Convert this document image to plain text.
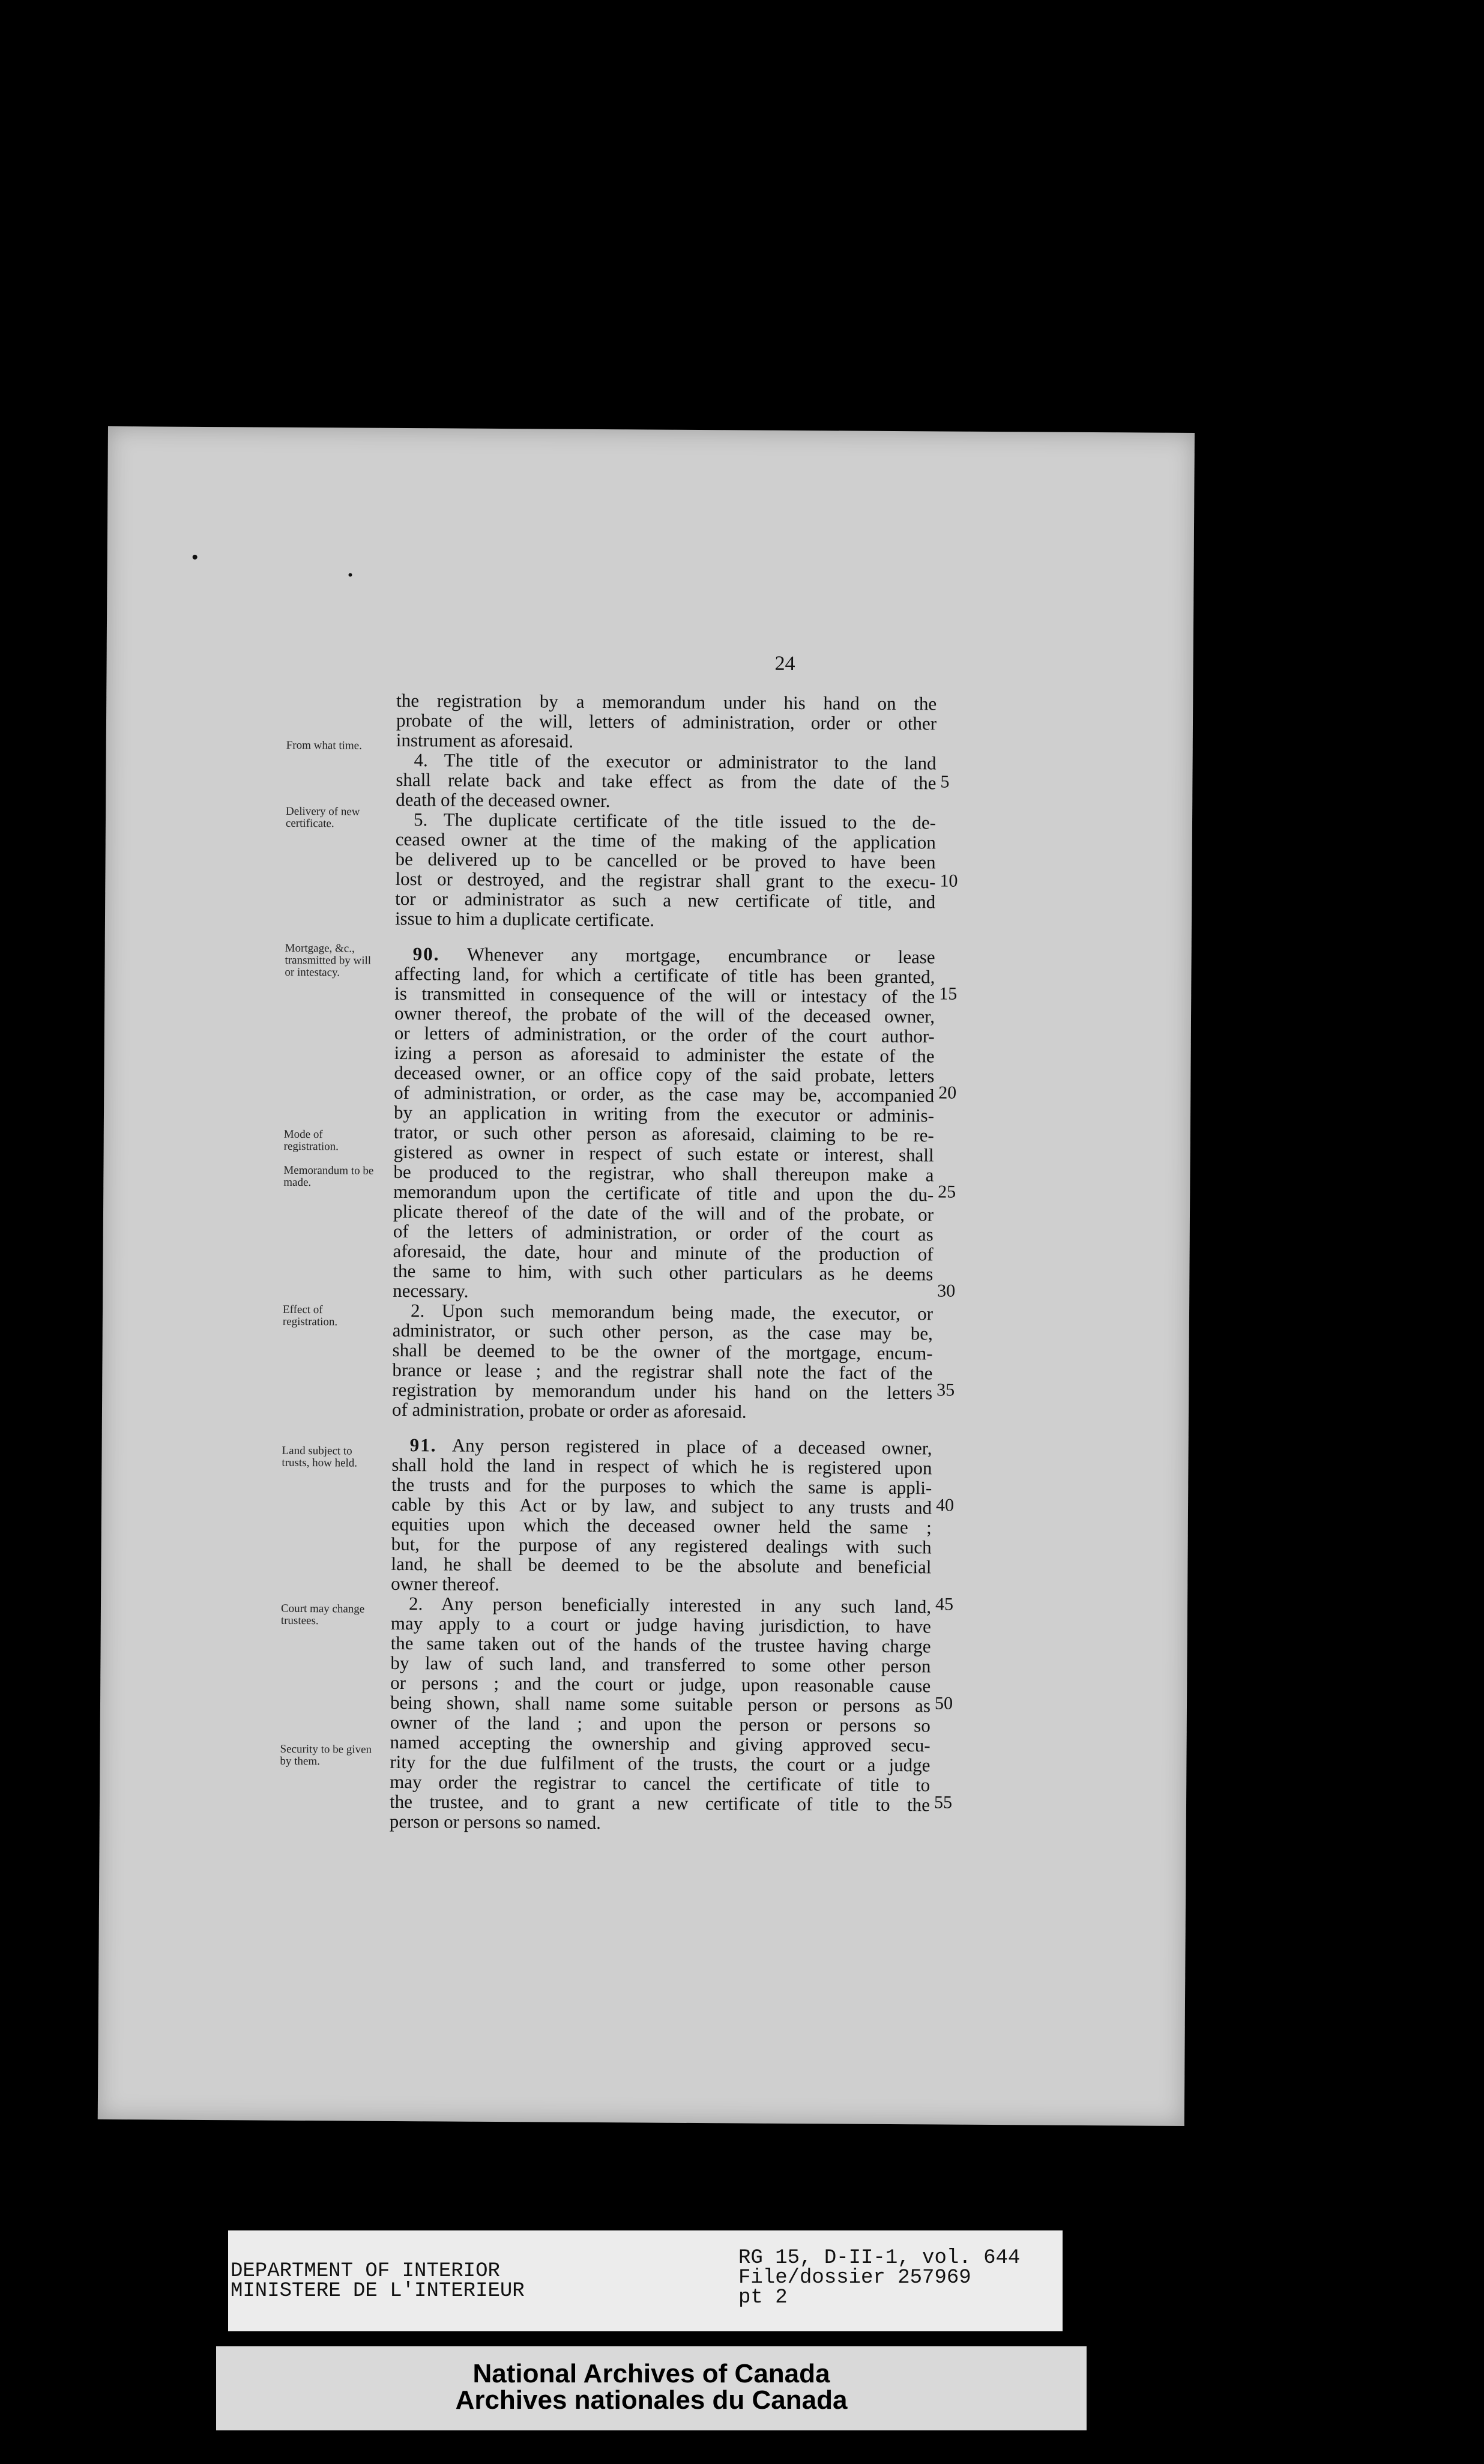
24
From what time.
Delivery of new certificate.
Mortgage, &c., transmitted by will or intestacy.
Mode of registration.
Memorandum to be made.
Effect of registration.
Land subject to trusts, how held.
Court may change trustees.
Security to be given by them.
the registration by a memorandum under his hand on the
probate of the will, letters of administration, order or other
instrument as aforesaid.
4. The title of the executor or administrator to the land
shall relate back and take effect as from the date of the
death of the deceased owner.
5. The duplicate certificate of the title issued to the de-
ceased owner at the time of the making of the application
be delivered up to be cancelled or be proved to have been
lost or destroyed, and the registrar shall grant to the execu-
tor or administrator as such a new certificate of title, and
issue to him a duplicate certificate.
90. Whenever any mortgage, encumbrance or lease
affecting land, for which a certificate of title has been granted,
is transmitted in consequence of the will or intestacy of the
owner thereof, the probate of the will of the deceased owner,
or letters of administration, or the order of the court author-
izing a person as aforesaid to administer the estate of the
deceased owner, or an office copy of the said probate, letters
of administration, or order, as the case may be, accompanied
by an application in writing from the executor or adminis-
trator, or such other person as aforesaid, claiming to be re-
gistered as owner in respect of such estate or interest, shall
be produced to the registrar, who shall thereupon make a
memorandum upon the certificate of title and upon the du-
plicate thereof of the date of the will and of the probate, or
of the letters of administration, or order of the court as
aforesaid, the date, hour and minute of the production of
the same to him, with such other particulars as he deems
necessary.
2. Upon such memorandum being made, the executor, or
administrator, or such other person, as the case may be,
shall be deemed to be the owner of the mortgage, encum-
brance or lease ; and the registrar shall note the fact of the
registration by memorandum under his hand on the letters
of administration, probate or order as aforesaid.
91. Any person registered in place of a deceased owner,
shall hold the land in respect of which he is registered upon
the trusts and for the purposes to which the same is appli-
cable by this Act or by law, and subject to any trusts and
equities upon which the deceased owner held the same ;
but, for the purpose of any registered dealings with such
land, he shall be deemed to be the absolute and beneficial
owner thereof.
2. Any person beneficially interested in any such land,
may apply to a court or judge having jurisdiction, to have
the same taken out of the hands of the trustee having charge
by law of such land, and transferred to some other person
or persons ; and the court or judge, upon reasonable cause
being shown, shall name some suitable person or persons as
owner of the land ; and upon the person or persons so
named accepting the ownership and giving approved secu-
rity for the due fulfilment of the trusts, the court or a judge
may order the registrar to cancel the certificate of title to
the trustee, and to grant a new certificate of title to the
person or persons so named.
5
10
15
20
25
30
35
40
45
50
55
DEPARTMENT OF INTERIOR
MINISTERE DE L'INTERIEUR
RG 15, D-II-1, vol. 644
File/dossier 257969
pt 2
National Archives of Canada
Archives nationales du Canada
